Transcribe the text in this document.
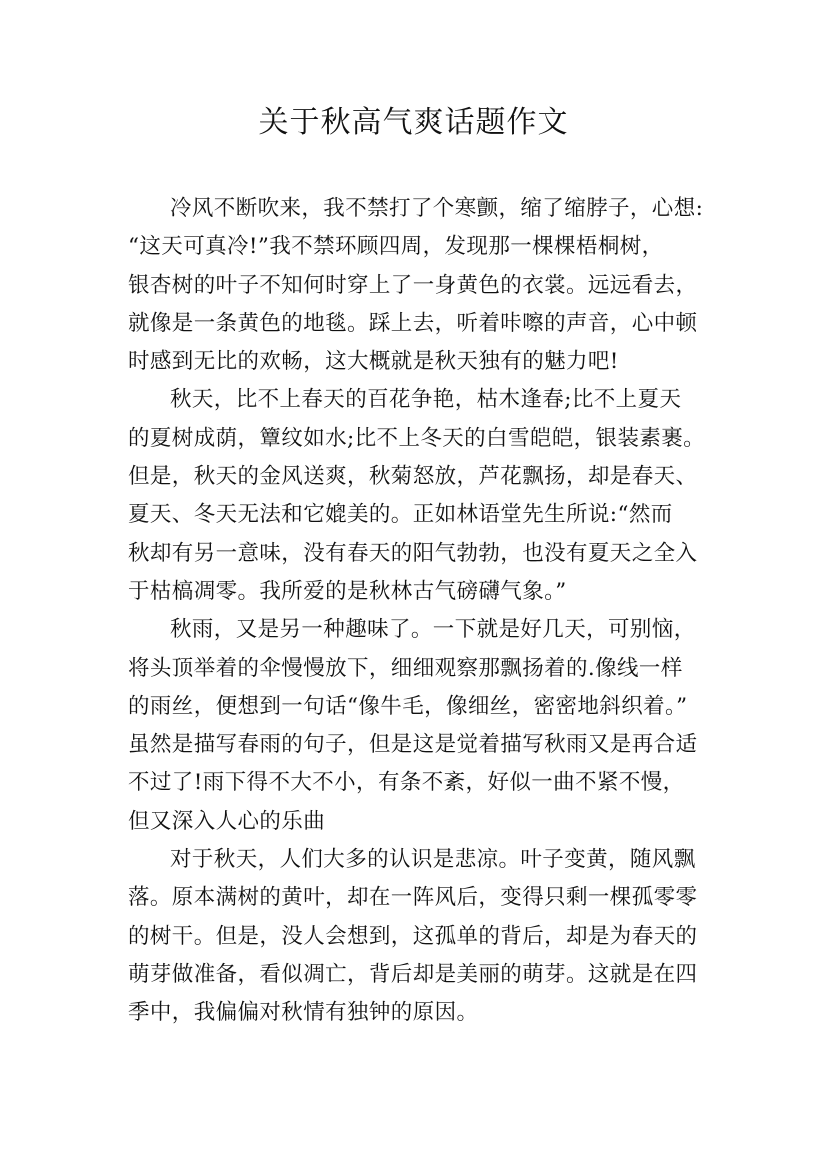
关于秋高气爽话题作文
冷风不断吹来，我不禁打了个寒颤，缩了缩脖子，心想:
“这天可真冷!”我不禁环顾四周，发现那一棵棵梧桐树，
银杏树的叶子不知何时穿上了一身黄色的衣裳。远远看去，
就像是一条黄色的地毯。踩上去，听着咔嚓的声音，心中顿
时感到无比的欢畅，这大概就是秋天独有的魅力吧!
秋天，比不上春天的百花争艳，枯木逢春;比不上夏天
的夏树成荫，簟纹如水;比不上冬天的白雪皑皑，银装素裹。
但是，秋天的金风送爽，秋菊怒放，芦花飘扬，却是春天、
夏天、冬天无法和它媲美的。正如林语堂先生所说:“然而
秋却有另一意味，没有春天的阳气勃勃，也没有夏天之全入
于枯槁凋零。我所爱的是秋林古气磅礴气象。”
秋雨，又是另一种趣味了。一下就是好几天，可别恼，
将头顶举着的伞慢慢放下，细细观察那飘扬着的.像线一样
的雨丝，便想到一句话“像牛毛，像细丝，密密地斜织着。”
虽然是描写春雨的句子，但是这是觉着描写秋雨又是再合适
不过了!雨下得不大不小，有条不紊，好似一曲不紧不慢，
但又深入人心的乐曲
对于秋天，人们大多的认识是悲凉。叶子变黄，随风飘
落。原本满树的黄叶，却在一阵风后，变得只剩一棵孤零零
的树干。但是，没人会想到，这孤单的背后，却是为春天的
萌芽做准备，看似凋亡，背后却是美丽的萌芽。这就是在四
季中，我偏偏对秋情有独钟的原因。
